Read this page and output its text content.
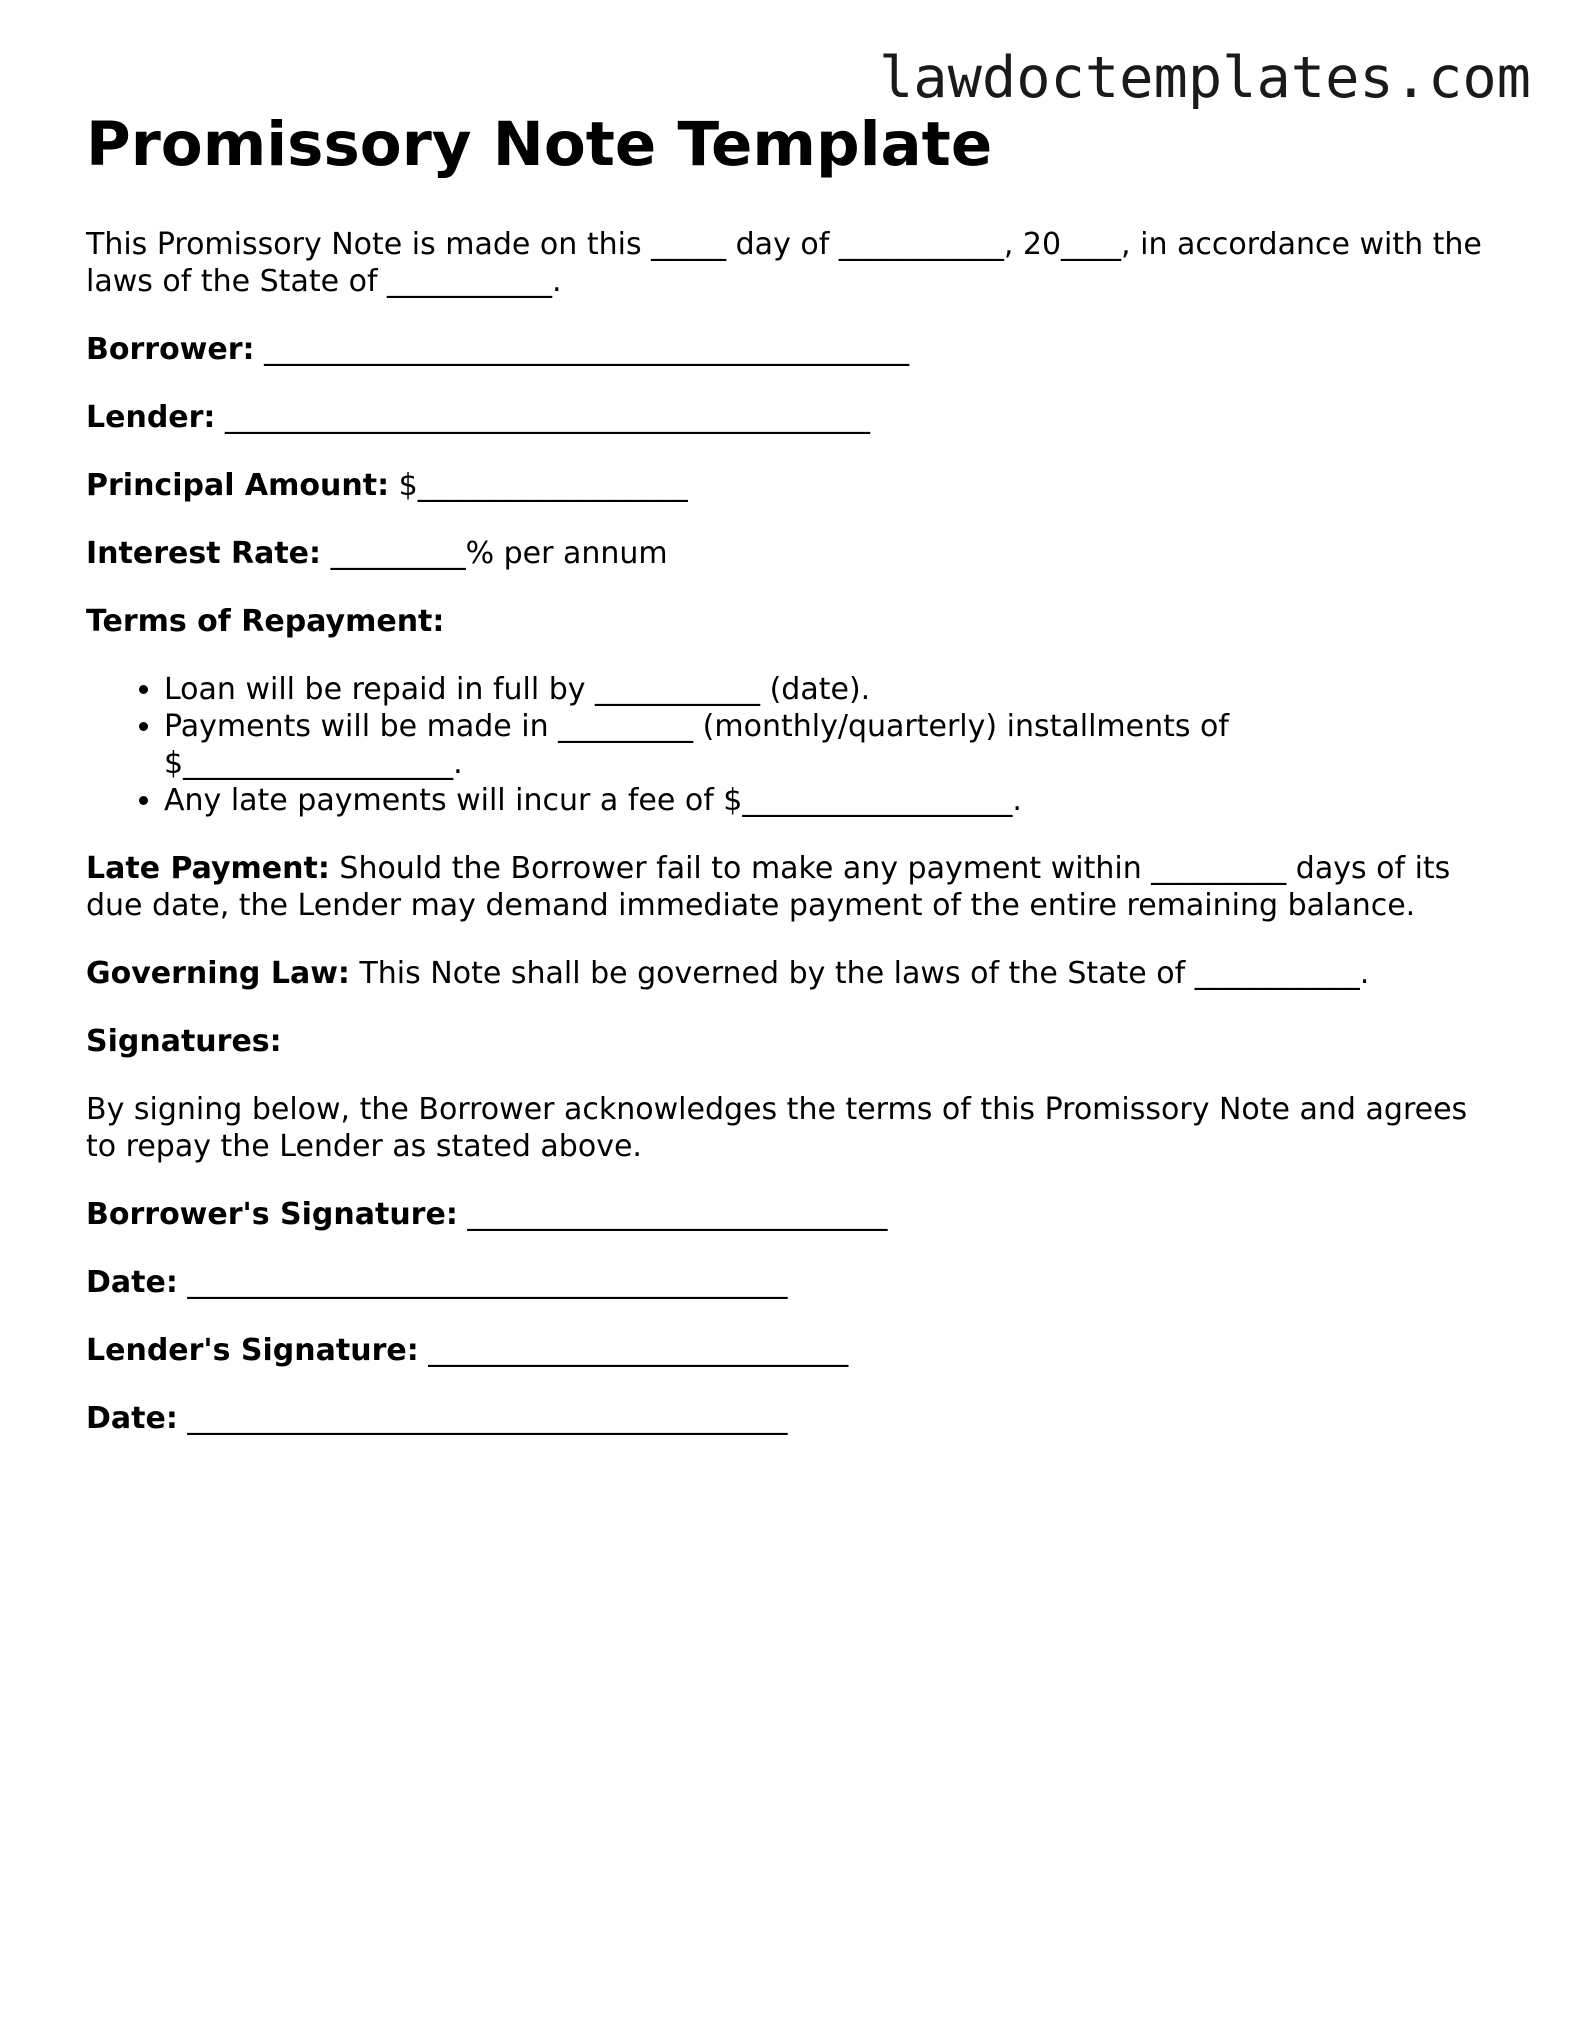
lawdoctemplates.com
Promissory Note Template

This Promissory Note is made on this _____ day of ___________, 20____, in accordance with the laws of the State of ___________.

Borrower: ___________________________________________

Lender: ___________________________________________

Principal Amount: $__________________

Interest Rate: _________% per annum

Terms of Repayment:

• Loan will be repaid in full by ___________ (date).
• Payments will be made in _________ (monthly/quarterly) installments of $__________________.
• Any late payments will incur a fee of $__________________.

Late Payment: Should the Borrower fail to make any payment within _________ days of its due date, the Lender may demand immediate payment of the entire remaining balance.

Governing Law: This Note shall be governed by the laws of the State of ___________.

Signatures:

By signing below, the Borrower acknowledges the terms of this Promissory Note and agrees to repay the Lender as stated above.

Borrower's Signature: ____________________________

Date: ________________________________________

Lender's Signature: ____________________________

Date: ________________________________________
